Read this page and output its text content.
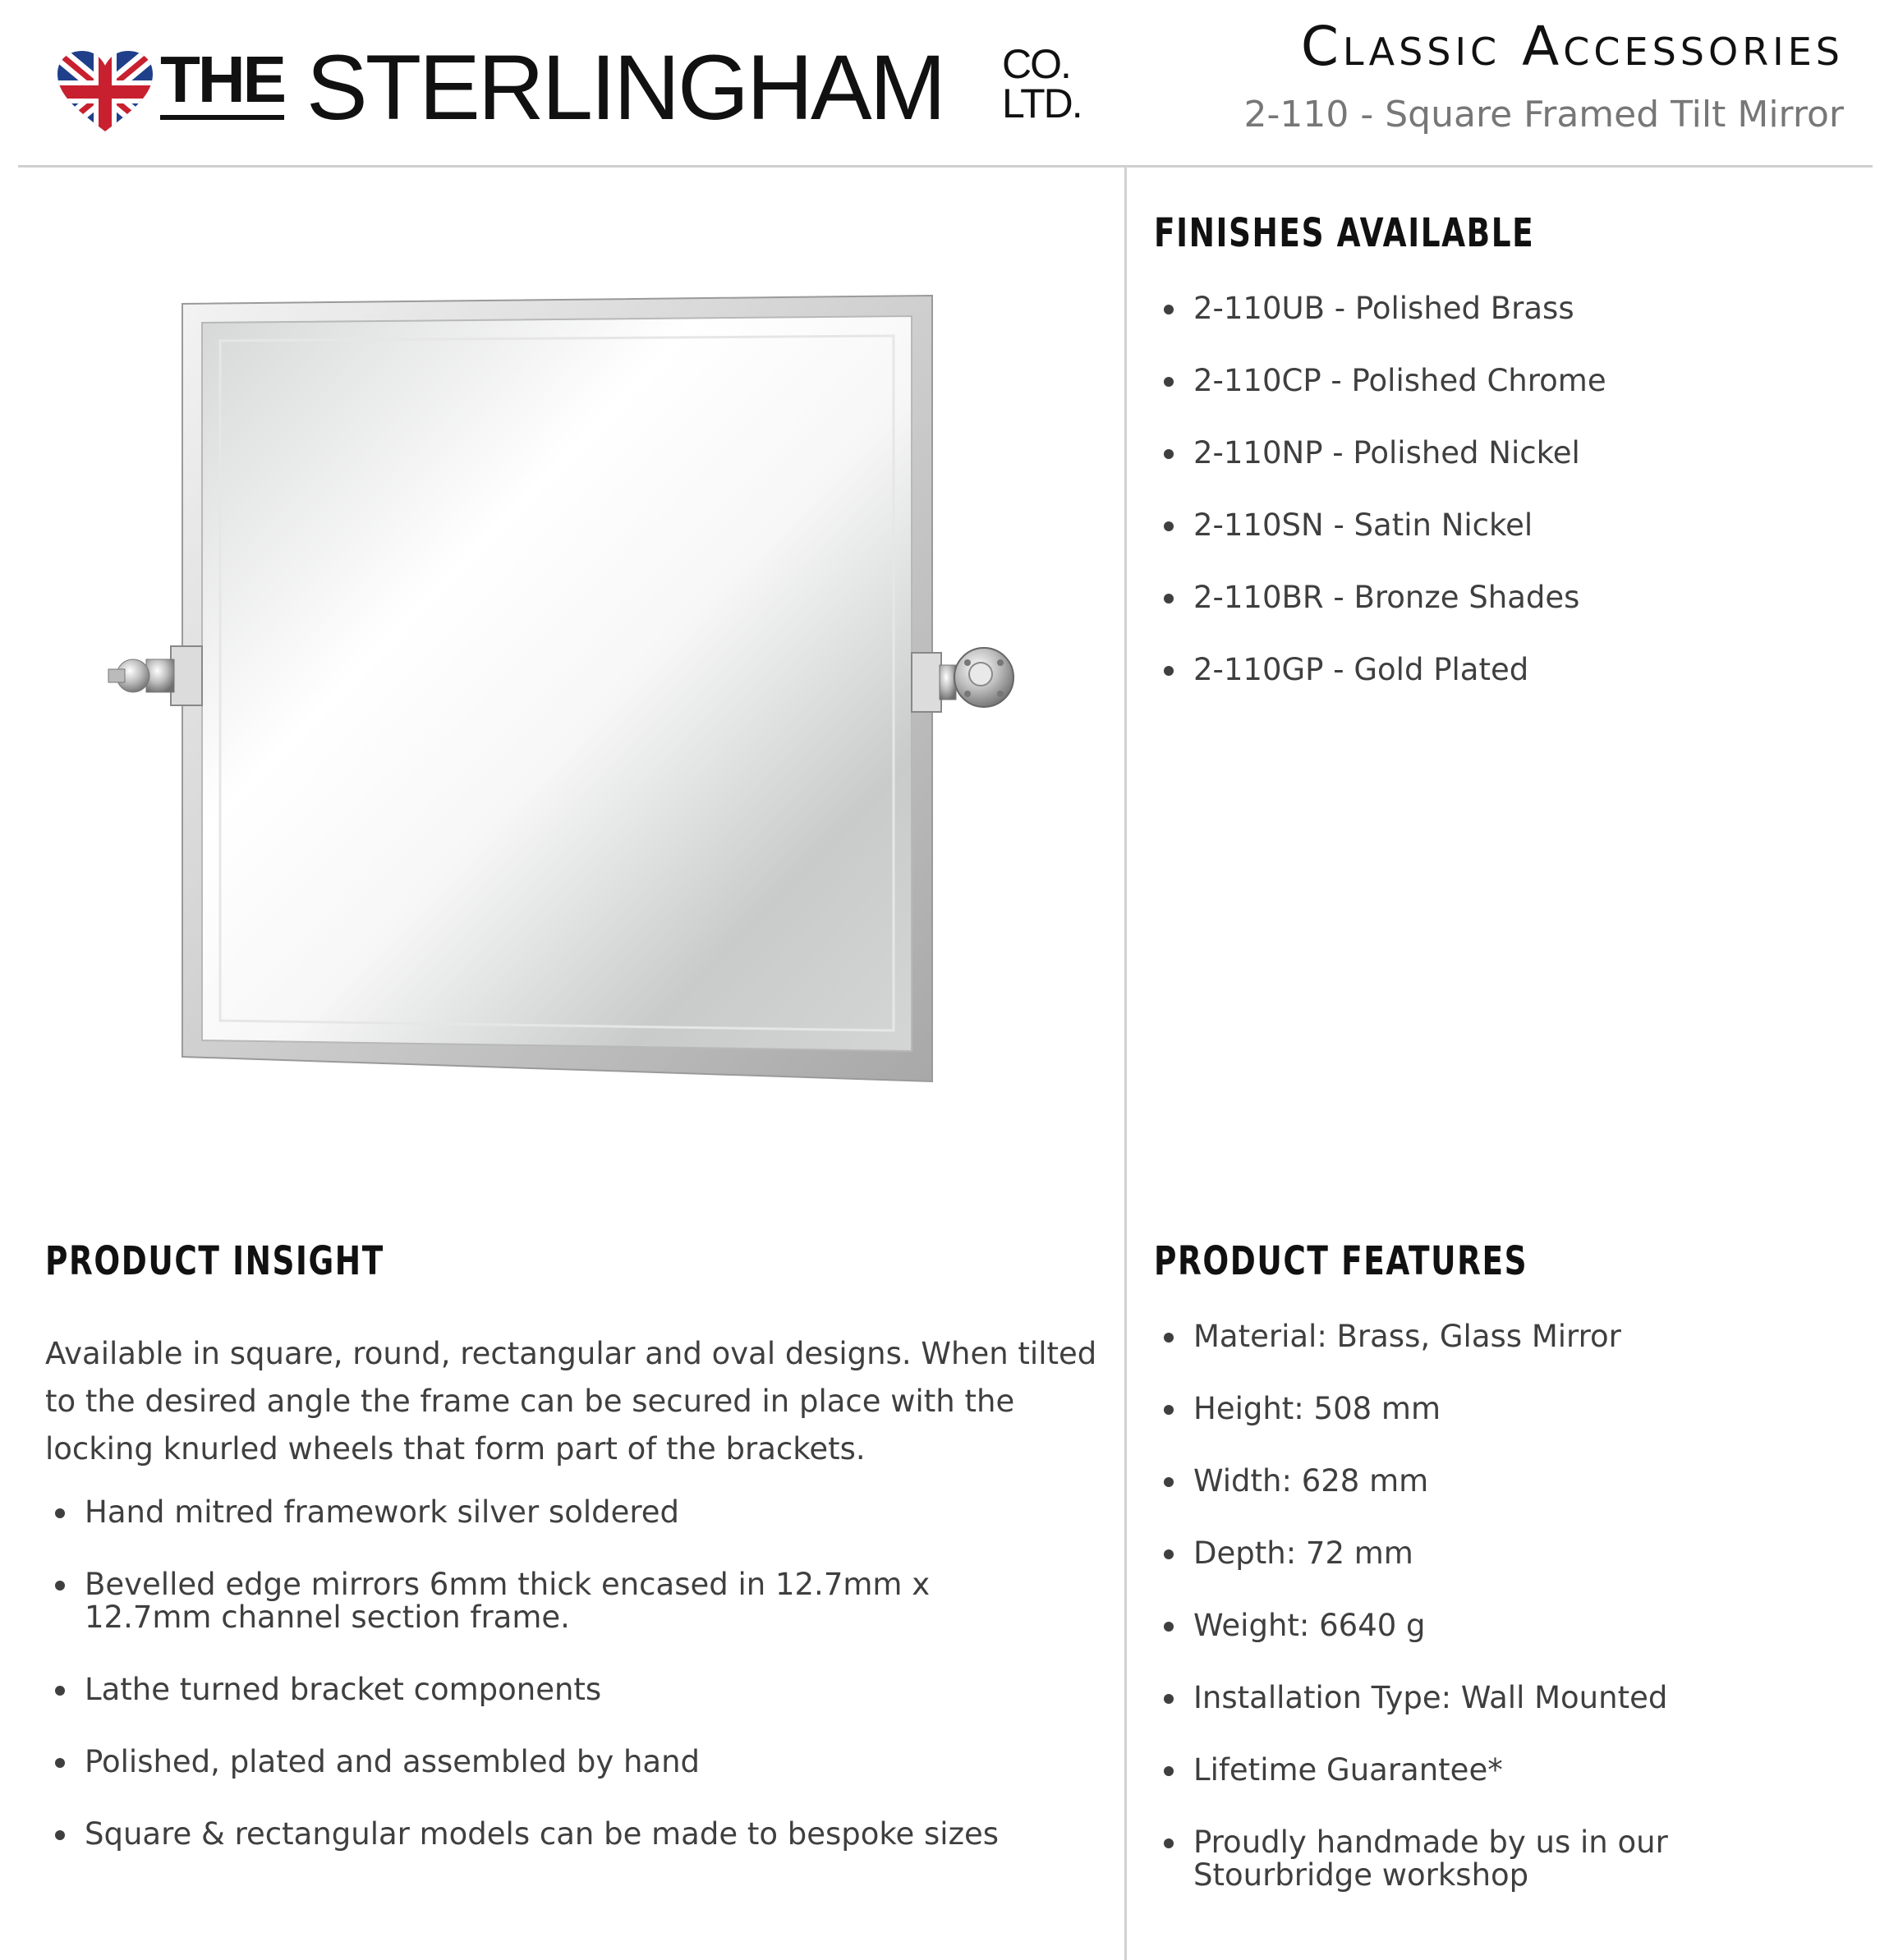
THE STERLINGHAM CO.
LTD.
Classic Accessories
2-110 - Square Framed Tilt Mirror
FINISHES AVAILABLE
2-110UB - Polished Brass
2-110CP - Polished Chrome
2-110NP - Polished Nickel
2-110SN - Satin Nickel
2-110BR - Bronze Shades
2-110GP - Gold Plated
PRODUCT INSIGHT

Available in square, round, rectangular and oval designs. When tilted to the desired angle the frame can be secured in place with the locking knurled wheels that form part of the brackets.

Hand mitred framework silver soldered
Bevelled edge mirrors 6mm thick encased in 12.7mm x 12.7mm channel section frame.
Lathe turned bracket components
Polished, plated and assembled by hand
Square & rectangular models can be made to bespoke sizes
PRODUCT FEATURES
Material: Brass, Glass Mirror
Height: 508 mm
Width: 628 mm
Depth: 72 mm
Weight: 6640 g
Installation Type: Wall Mounted
Lifetime Guarantee*
Proudly handmade by us in our Stourbridge workshop
